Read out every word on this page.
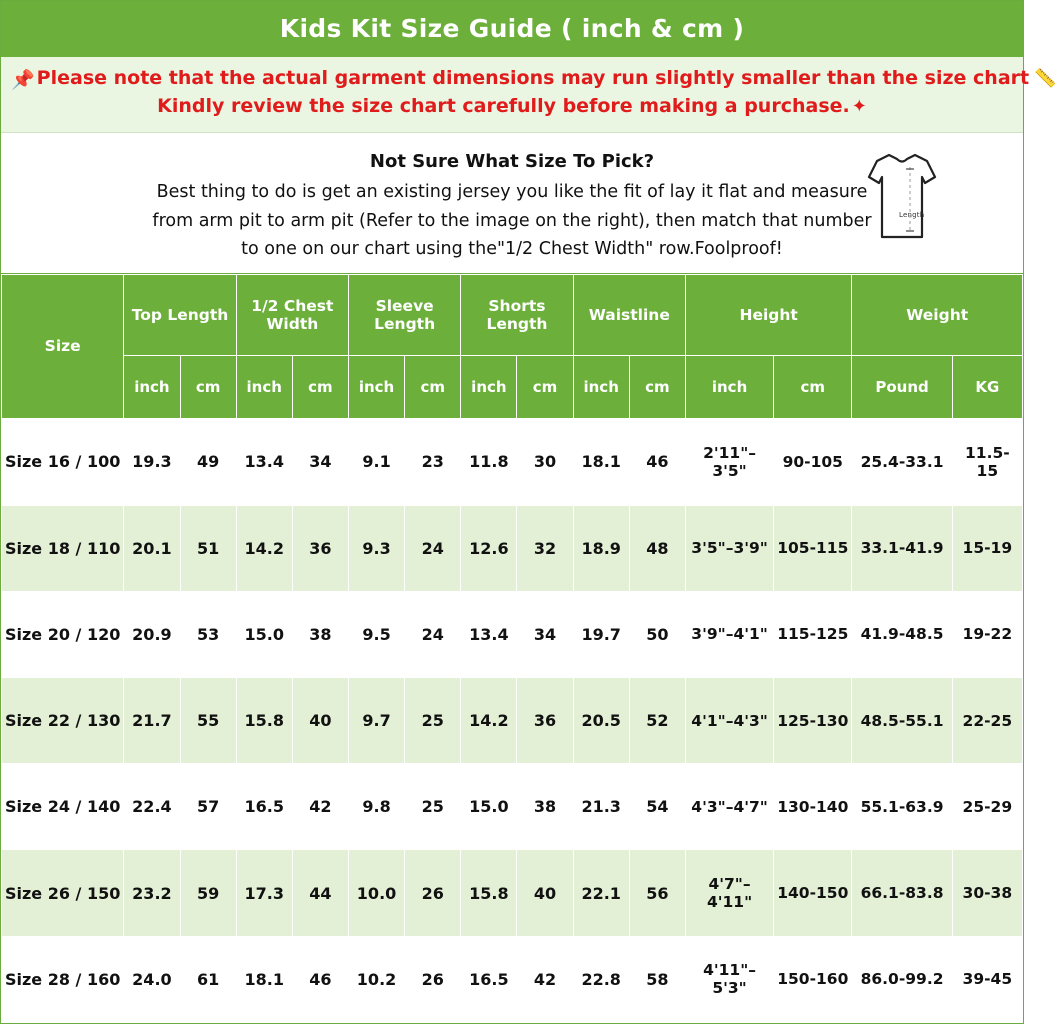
Kids Kit Size Guide ( inch & cm )
📌 Please note that the actual garment dimensions may run slightly smaller than the size chart 📏
Kindly review the size chart carefully before making a purchase. ✦
Not Sure What Size To Pick?
Best thing to do is get an existing jersey you like the fit of lay it flat and measure
from arm pit to arm pit (Refer to the image on the right), then match that number
to one on our chart using the"1/2 Chest Width" row.Foolproof!
Length
Size	Top Length		1/2 Chest Width		Sleeve Length		Shorts Length		Waistline		Height		Weight	
	inch	cm	inch	cm	inch	cm	inch	cm	inch	cm	inch	cm	Pound	KG
Size 16 / 100	19.3	49	13.4	34	9.1	23	11.8	30	18.1	46	2'11"–3'5"	90-105	25.4-33.1	11.5-15
Size 18 / 110	20.1	51	14.2	36	9.3	24	12.6	32	18.9	48	3'5"–3'9"	105-115	33.1-41.9	15-19
Size 20 / 120	20.9	53	15.0	38	9.5	24	13.4	34	19.7	50	3'9"–4'1"	115-125	41.9-48.5	19-22
Size 22 / 130	21.7	55	15.8	40	9.7	25	14.2	36	20.5	52	4'1"–4'3"	125-130	48.5-55.1	22-25
Size 24 / 140	22.4	57	16.5	42	9.8	25	15.0	38	21.3	54	4'3"–4'7"	130-140	55.1-63.9	25-29
Size 26 / 150	23.2	59	17.3	44	10.0	26	15.8	40	22.1	56	4'7"–4'11"	140-150	66.1-83.8	30-38
Size 28 / 160	24.0	61	18.1	46	10.2	26	16.5	42	22.8	58	4'11"–5'3"	150-160	86.0-99.2	39-45
